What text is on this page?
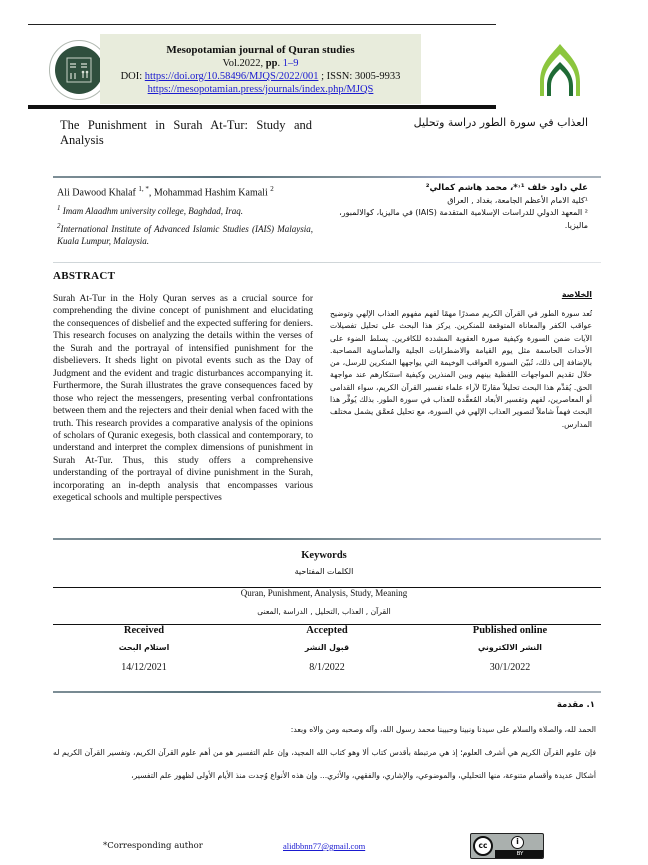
Mesopotamian journal of Quran studies
Vol.2022, pp. 1–9
DOI: https://doi.org/10.58496/MJQS/2022/001 ; ISSN: 3005-9933
https://mesopotamian.press/journals/index.php/MJQS
The Punishment in Surah At-Tur: Study and Analysis
العذاب في سورة الطور دراسة وتحليل
Ali Dawood Khalaf $^{1, *}$, Mohammad Hashim Kamali $^2$
$^1$ Imam Alaadhm university college, Baghdad, Iraq.
$^2$International Institute of Advanced Islamic Studies (IAIS) Malaysia, Kuala Lumpur, Malaysia.
علي داود خلف ¹˒*، محمد هاشم كمالي²
¹كلية الامام الأعظم الجامعة، بغداد , العراق
² المعهد الدولي للدراسات الإسلامية المتقدمة (IAIS) في ماليزيا، كوالالمبور، ماليزيا.
ABSTRACT
Surah At-Tur in the Holy Quran serves as a crucial source for comprehending the divine concept of punishment and elucidating the consequences of disbelief and the expected suffering for deniers. This research focuses on analyzing the details within the verses of the Surah and the portrayal of intensified punishment for the disbelievers. It sheds light on pivotal events such as the Day of Judgment and the evident and tragic disturbances accompanying it. Furthermore, the Surah illustrates the grave consequences faced by those who reject the messengers, presenting verbal confrontations between them and the rejecters and their denial when faced with the truth. This research provides a comparative analysis of the opinions of scholars of Quranic exegesis, both classical and contemporary, to understand and interpret the complex dimensions of punishment in Surah At-Tur. Thus, this study offers a comprehensive understanding of the portrayal of divine punishment in the Surah, incorporating an in-depth analysis that encompasses various exegetical schools and multiple perspectives
الخلاصة
تُعد سورة الطور في القرآن الكريم مصدرًا مهمًا لفهم مفهوم العذاب الإلهي وتوضيح عواقب الكفر والمعاناة المتوقعة للمنكرين. يركز هذا البحث على تحليل تفصيلات الآيات ضمن السورة وكيفية صورة العقوبة المشددة للكافرين. يسلط الضوء على الأحداث الحاسمة مثل يوم القيامة والاضطرابات الجلية والمأساوية المصاحبة. بالإضافة إلى ذلك، تُبيّن السورة العواقب الوخيمة التي يواجهها المنكرين للرسل، من خلال تقديم المواجهات اللفظية بينهم وبين المنذرين وكيفية استنكارهم عند مواجهة الحق. يُقدِّم هذا البحث تحليلاً مقارنًا لآراء علماء تفسير القرآن الكريم، سواء القدامى أو المعاصرين، لفهم وتفسير الأبعاد المُعقَّدة للعذاب في سورة الطور. بذلك يُوفِّر هذا البحث فهماً شاملاً لتصوير العذاب الإلهي في السورة، مع تحليل مُعمَّق يشمل مختلف المدارس.
Keywords
الكلمات المفتاحية
Quran, Punishment, Analysis, Study, Meaning
القرآن , العذاب ,التحليل , الدراسة ,المعنى
Received
استلام البحث
14/12/2021
Accepted
قبول النشر
8/1/2022
Published online
النشر الالكتروني
30/1/2022
١. مقدمة
الحمد لله، والصلاة والسلام على سيدنا ونبينا وحبيبنا محمد رسول الله، وآله وصحبه ومن والاه وبعد:
فإن علوم القرآن الكريم هي أشرف العلوم؛ إذ هي مرتبطة بأقدس كتاب ألا وهو كتاب الله المجيد، وإن علم التفسير هو من أهم علوم القرآن الكريم، وتفسير القرآن الكريم له أشكال عديدة وأقسام متنوعة، منها التحليلي، والموضوعي، والإشاري، والفقهي، والأثري... وإن هذه الأنواع وُجدت منذ الأيام الأولى لظهور علم التفسير،
*Corresponding author	alidbbnn77@gmail.com	cc	i
BY
